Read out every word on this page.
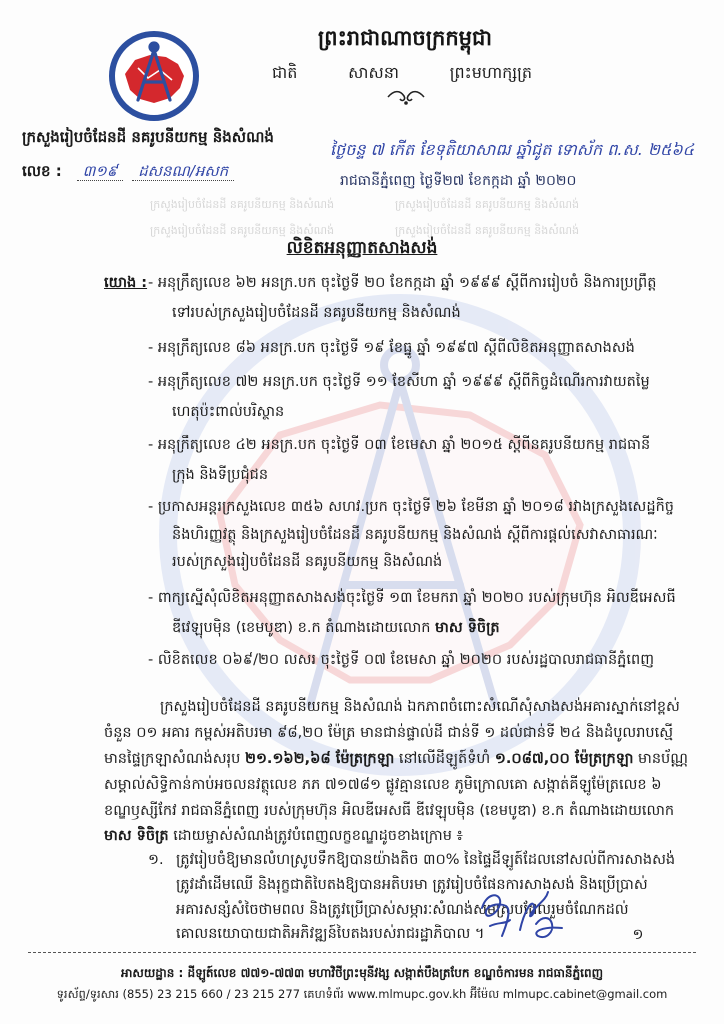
ក្រសួងរៀបចំដែនដី នគរូបនីយកម្ម និងសំណង់	ក្រសួងរៀបចំដែនដី នគរូបនីយកម្ម និងសំណង់
ក្រសួងរៀបចំដែនដី នគរូបនីយកម្ម និងសំណង់	ក្រសួងរៀបចំដែនដី នគរូបនីយកម្ម និងសំណង់
ព្រះរាជាណាចក្រកម្ពុជា
ជាតិ	សាសនា	ព្រះមហាក្សត្រ
ក្រសួងរៀបចំដែនដី នគរូបនីយកម្ម និងសំណង់
លេខ : ៣១៩ ដសនណ/អសក
ថ្ងៃចន្ទ ៧ កើត ខែទុតិយាសាឍ ឆ្នាំជូត ទោស័ក ព.ស. ២៥៦៤
រាជធានីភ្នំពេញ ថ្ងៃទី២៧ ខែកក្កដា ឆ្នាំ ២០២០
លិខិតអនុញ្ញាតសាងសង់
យោង : - អនុក្រឹត្យលេខ ៦២ អនក្រ.បក ចុះថ្ងៃទី ២០ ខែកក្កដា ឆ្នាំ ១៩៩៩ ស្តីពីការរៀបចំ និងការប្រព្រឹត្ត
ទៅរបស់ក្រសួងរៀបចំដែនដី នគរូបនីយកម្ម និងសំណង់
- អនុក្រឹត្យលេខ ៨៦ អនក្រ.បក ចុះថ្ងៃទី ១៩ ខែធ្នូ ឆ្នាំ ១៩៩៧ ស្តីពីលិខិតអនុញ្ញាតសាងសង់
- អនុក្រឹត្យលេខ ៧២ អនក្រ.បក ចុះថ្ងៃទី ១១ ខែសីហា ឆ្នាំ ១៩៩៩ ស្តីពីកិច្ចដំណើរការវាយតម្លៃ
ហេតុប៉ះពាល់បរិស្ថាន
- អនុក្រឹត្យលេខ ៤២ អនក្រ.បក ចុះថ្ងៃទី ០៣ ខែមេសា ឆ្នាំ ២០១៥ ស្តីពីនគរូបនីយកម្ម រាជធានី
ក្រុង និងទីប្រជុំជន
- ប្រកាសអន្តរក្រសួងលេខ ៣៥៦ សហវ.ប្រក ចុះថ្ងៃទី ២៦ ខែមីនា ឆ្នាំ ២០១៨ រវាងក្រសួងសេដ្ឋកិច្ច
និងហិរញ្ញវត្ថុ និងក្រសួងរៀបចំដែនដី នគរូបនីយកម្ម និងសំណង់ ស្តីពីការផ្តល់សេវាសាធារណៈ
របស់ក្រសួងរៀបចំដែនដី នគរូបនីយកម្ម និងសំណង់
- ពាក្យស្នើសុំលិខិតអនុញ្ញាតសាងសង់ចុះថ្ងៃទី ១៣ ខែមករា ឆ្នាំ ២០២០ របស់ក្រុមហ៊ុន អិលឌីអេសធី
ឌីវេឡុបម៉ិន (ខេមបូឌា) ខ.ក តំណាងដោយលោក មាស ទិចិត្រ
- លិខិតលេខ ០៦៩/២០ លសរ ចុះថ្ងៃទី ០៧ ខែមេសា ឆ្នាំ ២០២០ របស់រដ្ឋបាលរាជធានីភ្នំពេញ
ក្រសួងរៀបចំដែនដី នគរូបនីយកម្ម និងសំណង់ ឯកភាពចំពោះសំណើសុំសាងសង់អគារស្នាក់នៅខ្ពស់
ចំនួន ០១ អគារ កម្ពស់អតិបរមា ៩៨,២០ ម៉ែត្រ មានជាន់ផ្ទាល់ដី ជាន់ទី ១ ដល់ជាន់ទី ២៤ និងដំបូលរាបស្មើ
មានផ្ទៃក្រឡាសំណង់សរុប ២១.១៦២,៦៨ ម៉ែត្រក្រឡា នៅលើដីឡូត៍ទំហំ ១.០៨៧,០០ ម៉ែត្រក្រឡា មានប័ណ្ណ
សម្គាល់សិទ្ធិកាន់កាប់អចលនវត្ថុលេខ ភភ ៧១៧៨១ ផ្លូវគ្មានលេខ ភូមិក្រោលគោ សង្កាត់គីឡូម៉ែត្រលេខ ៦
ខណ្ឌឫស្សីកែវ រាជធានីភ្នំពេញ របស់ក្រុមហ៊ុន អិលឌីអេសធី ឌីវេឡុបម៉ិន (ខេមបូឌា) ខ.ក តំណាងដោយលោក
មាស ទិចិត្រ ដោយម្ចាស់សំណង់ត្រូវបំពេញលក្ខខណ្ឌដូចខាងក្រោម ៖
១. ត្រូវរៀបចំឱ្យមានលំហស្រូបទឹកឱ្យបានយ៉ាងតិច ៣០% នៃផ្ទៃដីឡូត៍ដែលនៅសល់ពីការសាងសង់
ត្រូវដាំដើមឈើ និងរុក្ខជាតិបៃតងឱ្យបានអតិបរមា ត្រូវរៀបចំផែនការសាងសង់ និងប្រើប្រាស់
អគារសន្សំសំចៃថាមពល និងត្រូវប្រើប្រាស់សម្ភារៈសំណង់សមស្របដែលរួមចំណែកដល់
គោលនយោបាយជាតិអភិវឌ្ឍន៍បៃតងរបស់រាជរដ្ឋាភិបាល ។	១
អាសយដ្ឋាន : ដីឡូត៍លេខ ៧៧១-៧៧៣ មហាវិថីព្រះមុនីវង្ស សង្កាត់បឹងត្របែក ខណ្ឌចំការមន រាជធានីភ្នំពេញ
ទូរស័ព្ទ/ទូរសារ (855) 23 215 660 / 23 215 277 គេហទំព័រ www.mlmupc.gov.kh អ៊ីម៉ែល mlmupc.cabinet@gmail.com
